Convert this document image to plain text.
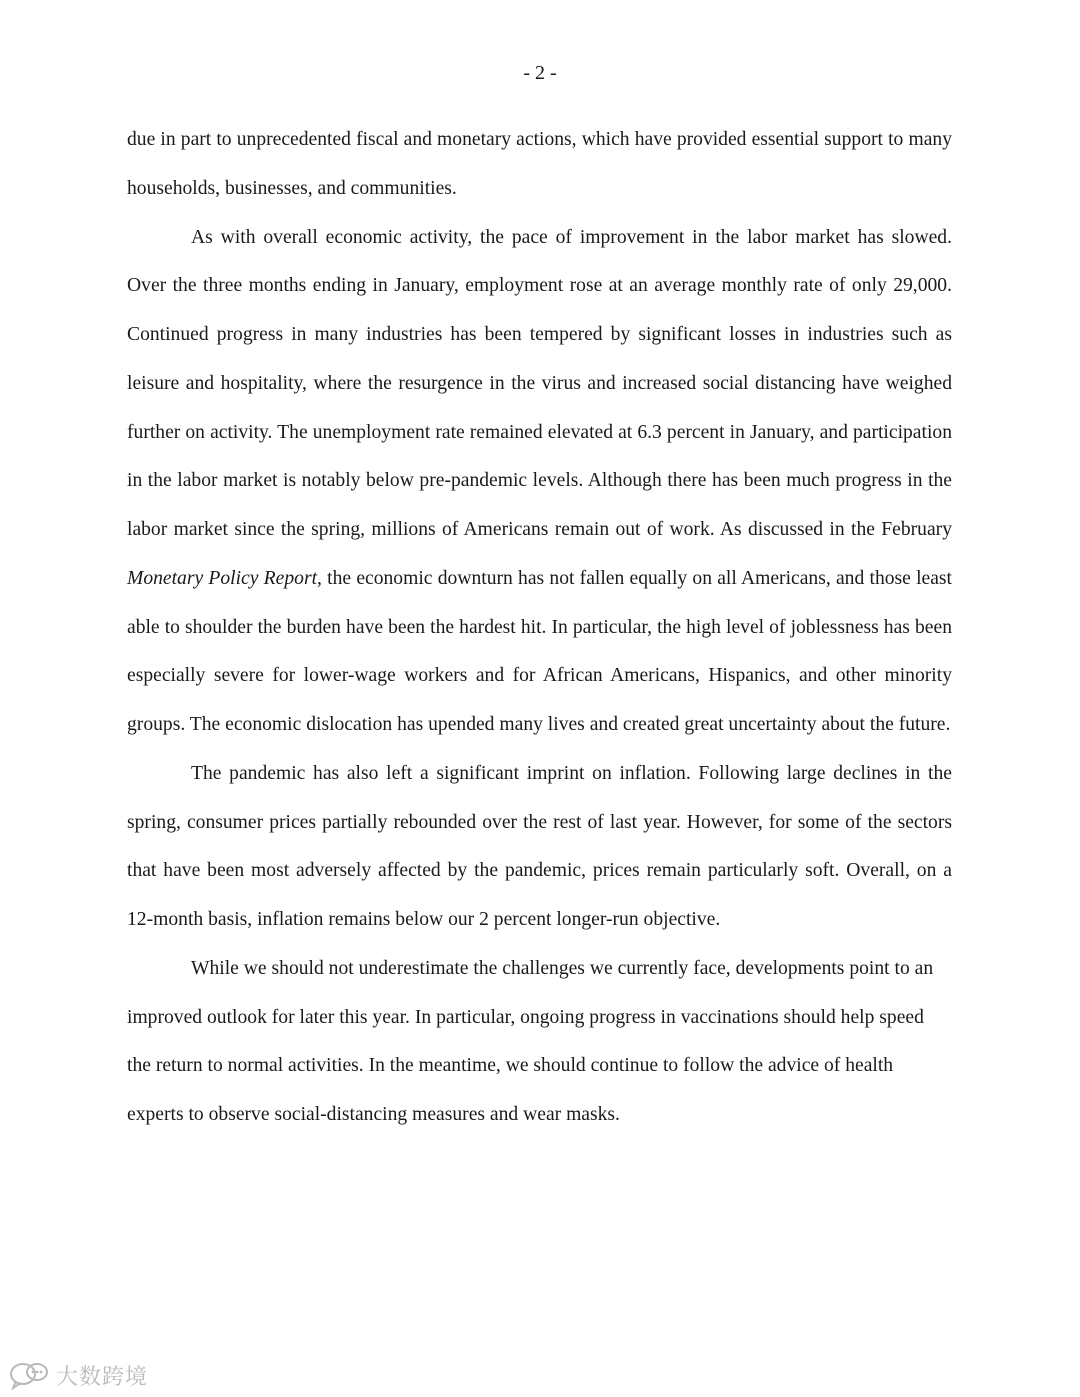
- 2 -

due in part to unprecedented fiscal and monetary actions, which have provided essential support to many households, businesses, and communities.

As with overall economic activity, the pace of improvement in the labor market has slowed. Over the three months ending in January, employment rose at an average monthly rate of only 29,000. Continued progress in many industries has been tempered by significant losses in industries such as leisure and hospitality, where the resurgence in the virus and increased social distancing have weighed further on activity. The unemployment rate remained elevated at 6.3 percent in January, and participation in the labor market is notably below pre-pandemic levels. Although there has been much progress in the labor market since the spring, millions of Americans remain out of work. As discussed in the February Monetary Policy Report, the economic downturn has not fallen equally on all Americans, and those least able to shoulder the burden have been the hardest hit. In particular, the high level of joblessness has been especially severe for lower-wage workers and for African Americans, Hispanics, and other minority groups. The economic dislocation has upended many lives and created great uncertainty about the future.

The pandemic has also left a significant imprint on inflation. Following large declines in the spring, consumer prices partially rebounded over the rest of last year. However, for some of the sectors that have been most adversely affected by the pandemic, prices remain particularly soft. Overall, on a 12-month basis, inflation remains below our 2 percent longer-run objective.

While we should not underestimate the challenges we currently face, developments point to an improved outlook for later this year. In particular, ongoing progress in vaccinations should help speed the return to normal activities. In the meantime, we should continue to follow the advice of health experts to observe social-distancing measures and wear masks.

大数跨境
